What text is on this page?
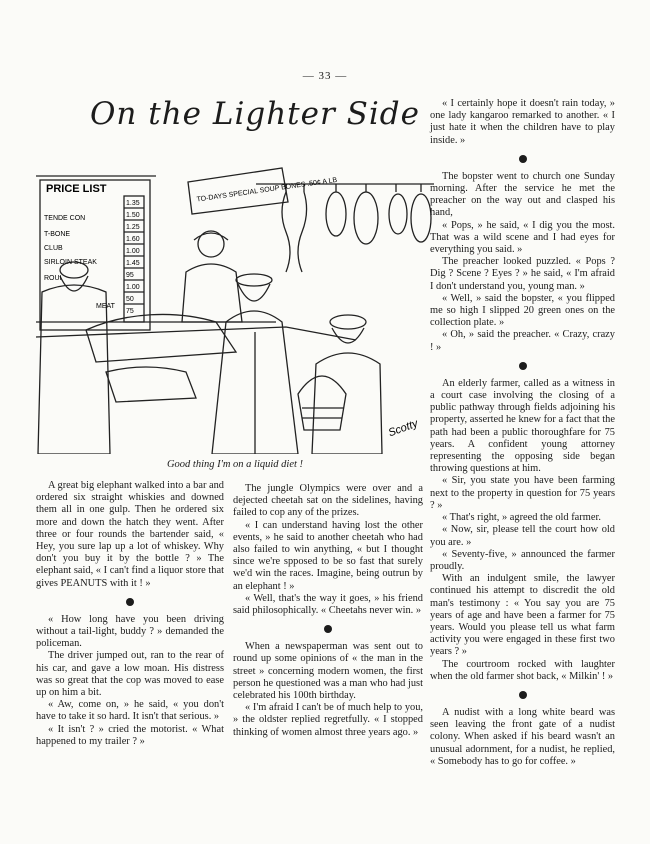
— 33 —
On the Lighter Side
PRICE LIST
TENDE CON
T-BONE
CLUB
SIRLOIN STEAK
ROUI
MEAT
1.35
1.50
1.25
1.60
1.00
1.45
95
1.00
50
75
TO-DAYS SPECIAL SOUP BONES .50¢ A LB
Scotty
Good thing I'm on a liquid diet !

A great big elephant walked into a bar and ordered six straight whiskies and downed them all in one gulp. Then he ordered six more and down the hatch they went. After three or four rounds the bartender said, « Hey, you sure lap up a lot of whiskey. Why don't you buy it by the bottle ? » The elephant said, « I can't find a liquor store that gives PEANUTS with it ! »

« How long have you been driving without a tail-light, buddy ? » demanded the policeman.

The driver jumped out, ran to the rear of his car, and gave a low moan. His distress was so great that the cop was moved to ease up on him a bit.

« Aw, come on, » he said, « you don't have to take it so hard. It isn't that serious. »

« It isn't ? » cried the motorist. « What happened to my trailer ? »

The jungle Olympics were over and a dejected cheetah sat on the sidelines, having failed to cop any of the prizes.

« I can understand having lost the other events, » he said to another cheetah who had also failed to win anything, « but I thought since we're spposed to be so fast that surely we'd win the races. Imagine, being outrun by an elephant ! »

« Well, that's the way it goes, » his friend said philosophically. « Cheetahs never win. »

When a newspaperman was sent out to round up some opinions of « the man in the street » concerning modern women, the first person he questioned was a man who had just celebrated his 100th birthday.

« I'm afraid I can't be of much help to you, » the oldster replied regretfully. « I stopped thinking of women almost three years ago. »

« I certainly hope it doesn't rain today, » one lady kangaroo remarked to another. « I just hate it when the children have to play inside. »

The bopster went to church one Sunday morning. After the service he met the preacher on the way out and clasped his hand,

« Pops, » he said, « I dig you the most. That was a wild scene and I had eyes for everything you said. »

The preacher looked puzzled. « Pops ? Dig ? Scene ? Eyes ? » he said, « I'm afraid I don't understand you, young man. »

« Well, » said the bopster, « you flipped me so high I slipped 20 green ones on the collection plate. »

« Oh, » said the preacher. « Crazy, crazy ! »

An elderly farmer, called as a witness in a court case involving the closing of a public pathway through fields adjoining his property, asserted he knew for a fact that the path had been a public thoroughfare for 75 years. A confident young attorney representing the opposing side began throwing questions at him.

« Sir, you state you have been farming next to the property in question for 75 years ? »

« That's right, » agreed the old farmer.

« Now, sir, please tell the court how old you are. »

« Seventy-five, » announced the farmer proudly.

With an indulgent smile, the lawyer continued his attempt to discredit the old man's testimony : « You say you are 75 years of age and have been a farmer for 75 years. Would you please tell us what farm activity you were engaged in these first two years ? »

The courtroom rocked with laughter when the old farmer shot back, « Milkin' ! »

A nudist with a long white beard was seen leaving the front gate of a nudist colony. When asked if his beard wasn't an unusual adornment, for a nudist, he replied, « Somebody has to go for coffee. »
